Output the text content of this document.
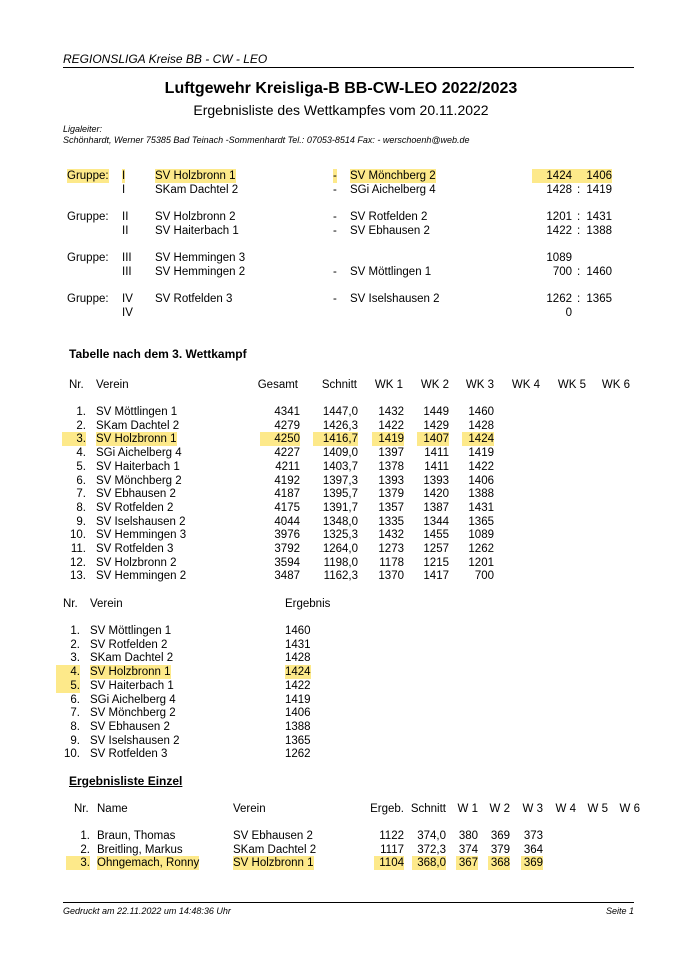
REGIONSLIGA Kreise BB - CW - LEO
Luftgewehr Kreisliga-B BB-CW-LEO 2022/2023
Ergebnisliste des Wettkampfes vom 20.11.2022
Ligaleiter:
Schönhardt, Werner 75385 Bad Teinach -Sommenhardt Tel.: 07053-8514 Fax: - werschoenh@web.de
Gruppe: I	SV Holzbronn 1	- SV Mönchberg 2	1424	1406
I	SKam Dachtel 2	- SGi Aichelberg 4	1428 : 1419
Gruppe: II SV Holzbronn 2	- SV Rotfelden 2	1201 : 1431
II SV Haiterbach 1	- SV Ebhausen 2	1422 : 1388
Gruppe: III SV Hemmingen 3	1089
III SV Hemmingen 2	- SV Möttlingen 1	700 : 1460
Gruppe: IV SV Rotfelden 3	- SV Iselshausen 2	1262 : 1365
IV	0
Tabelle nach dem 3. Wettkampf
Nr. Verein	Gesamt	Schnitt	WK 1	WK 2	WK 3	WK 4	WK 5	WK 6
1. SV Möttlingen 1	4341	1447,0	1432	1449	1460
2. SKam Dachtel 2	4279	1426,3	1422	1429	1428
3. SV Holzbronn 1	4250	1416,7	1419	1407	1424
4. SGi Aichelberg 4	4227	1409,0	1397	1411	1419
5. SV Haiterbach 1	4211	1403,7	1378	1411	1422
6. SV Mönchberg 2	4192	1397,3	1393	1393	1406
7. SV Ebhausen 2	4187	1395,7	1379	1420	1388
8. SV Rotfelden 2	4175	1391,7	1357	1387	1431
9. SV Iselshausen 2	4044	1348,0	1335	1344	1365
10. SV Hemmingen 3	3976	1325,3	1432	1455	1089
11. SV Rotfelden 3	3792	1264,0	1273	1257	1262
12. SV Holzbronn 2	3594	1198,0	1178	1215	1201
13. SV Hemmingen 2	3487	1162,3	1370	1417	700
Nr. Verein	Ergebnis
1. SV Möttlingen 1	1460
2. SV Rotfelden 2	1431
3. SKam Dachtel 2	1428
4. SV Holzbronn 1	1424
5. SV Haiterbach 1	1422
6. SGi Aichelberg 4	1419
7. SV Mönchberg 2	1406
8. SV Ebhausen 2	1388
9. SV Iselshausen 2	1365
10. SV Rotfelden 3	1262
Ergebnisliste Einzel
Nr. Name	Verein	Ergeb. Schnitt	W 1	W 2	W 3	W 4	W 5	W 6
1. Braun, Thomas	SV Ebhausen 2	1122	374,0 380 369 373
2. Breitling, Markus	SKam Dachtel 2	1117	372,3 374 379 364
3. Ohngemach, Ronny	SV Holzbronn 1	1104	368,0 367 368 369
Gedruckt am 22.11.2022 um 14:48:36 Uhr	Seite 1
